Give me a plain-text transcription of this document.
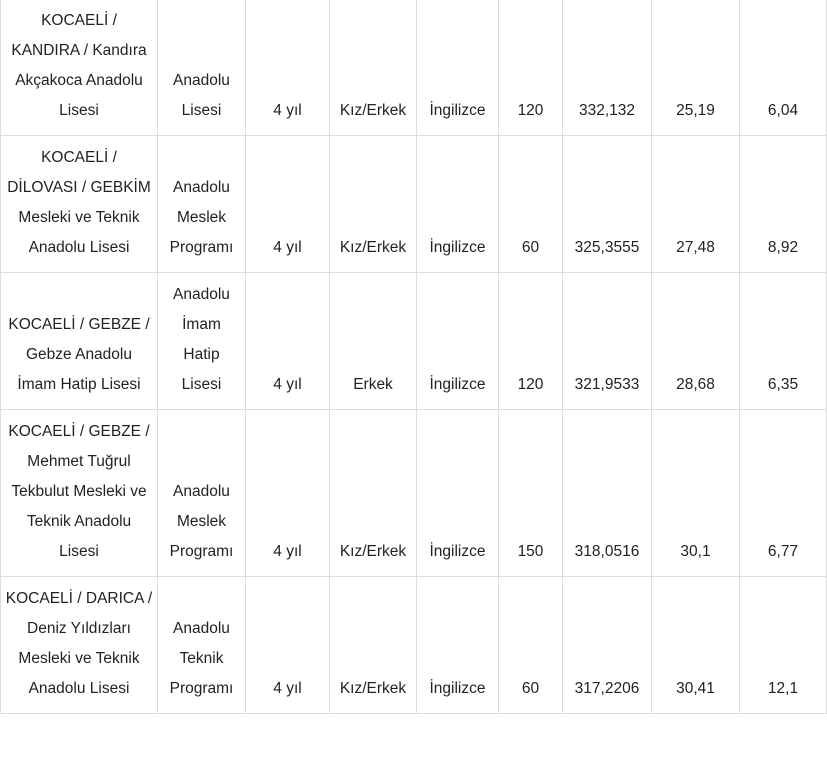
KOCAELİ / KANDIRA / Kandıra Akçakoca Anadolu Lisesi	Anadolu Lisesi	4 yıl	Kız/Erkek	İngilizce	120	332,132	25,19	6,04
KOCAELİ / DİLOVASI / GEBKİM Mesleki ve Teknik Anadolu Lisesi	Anadolu Meslek Programı	4 yıl	Kız/Erkek	İngilizce	60	325,3555	27,48	8,92
KOCAELİ / GEBZE / Gebze Anadolu İmam Hatip Lisesi	Anadolu İmam Hatip Lisesi	4 yıl	Erkek	İngilizce	120	321,9533	28,68	6,35
KOCAELİ / GEBZE / Mehmet Tuğrul Tekbulut Mesleki ve Teknik Anadolu Lisesi	Anadolu Meslek Programı	4 yıl	Kız/Erkek	İngilizce	150	318,0516	30,1	6,77
KOCAELİ / DARICA / Deniz Yıldızları Mesleki ve Teknik Anadolu Lisesi	Anadolu Teknik Programı	4 yıl	Kız/Erkek	İngilizce	60	317,2206	30,41	12,1
